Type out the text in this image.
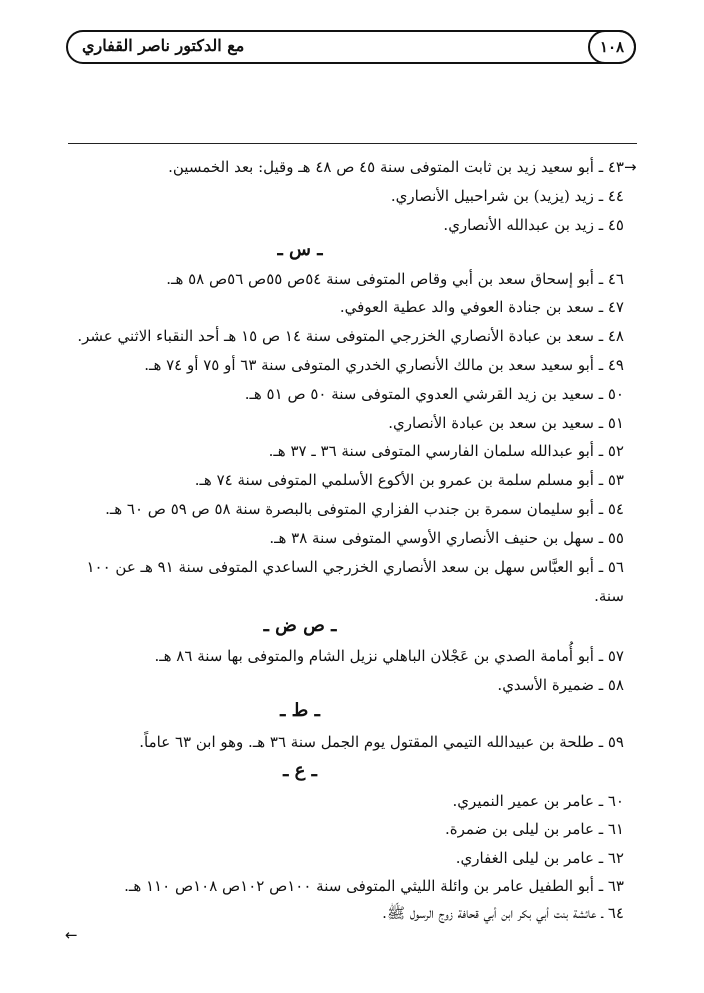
مع الدكتور ناصر القفاري	١٠٨
→
٤٣ ـ أبو سعيد زيد بن ثابت المتوفى سنة ٤٥ ص ٤٨ هـ وقيل: بعد الخمسين.
٤٤ ـ زيد (يزيد) بن شراحبيل الأنصاري.
٤٥ ـ زيد بن عبدالله الأنصاري.
ـ س ـ
٤٦ ـ أبو إسحاق سعد بن أبي وقاص المتوفى سنة ٥٤ص ٥٥ص ٥٦ص ٥٨ هـ.
٤٧ ـ سعد بن جنادة العوفي والد عطية العوفي.
٤٨ ـ سعد بن عبادة الأنصاري الخزرجي المتوفى سنة ١٤ ص ١٥ هـ أحد النقباء الاثني عشر.
٤٩ ـ أبو سعيد سعد بن مالك الأنصاري الخدري المتوفى سنة ٦٣ أو ٧٥ أو ٧٤ هـ.
٥٠ ـ سعيد بن زيد القرشي العدوي المتوفى سنة ٥٠ ص ٥١ هـ.
٥١ ـ سعيد بن سعد بن عبادة الأنصاري.
٥٢ ـ أبو عبدالله سلمان الفارسي المتوفى سنة ٣٦ ـ ٣٧ هـ.
٥٣ ـ أبو مسلم سلمة بن عمرو بن الأكوع الأسلمي المتوفى سنة ٧٤ هـ.
٥٤ ـ أبو سليمان سمرة بن جندب الفزاري المتوفى بالبصرة سنة ٥٨ ص ٥٩ ص ٦٠ هـ.
٥٥ ـ سهل بن حنيف الأنصاري الأوسي المتوفى سنة ٣٨ هـ.
٥٦ ـ أبو العبَّاس سهل بن سعد الأنصاري الخزرجي الساعدي المتوفى سنة ٩١ هـ عن ١٠٠
سنة.
ـ ص ض ـ
٥٧ ـ أبو أُمامة الصدي بن عَجْلان الباهلي نزيل الشام والمتوفى بها سنة ٨٦ هـ.
٥٨ ـ ضميرة الأسدي.
ـ ط ـ
٥٩ ـ طلحة بن عبيدالله التيمي المقتول يوم الجمل سنة ٣٦ هـ. وهو ابن ٦٣ عاماً.
ـ ع ـ
٦٠ ـ عامر بن عمير النميري.
٦١ ـ عامر بن ليلى بن ضمرة.
٦٢ ـ عامر بن ليلى الغفاري.
٦٣ ـ أبو الطفيل عامر بن وائلة الليثي المتوفى سنة ١٠٠ص ١٠٢ص ١٠٨ص ١١٠ هـ.
٦٤ ـ عائشة بنت أبي بكر ابن أبي قحافة زوج الرسول ﷺ.
←
